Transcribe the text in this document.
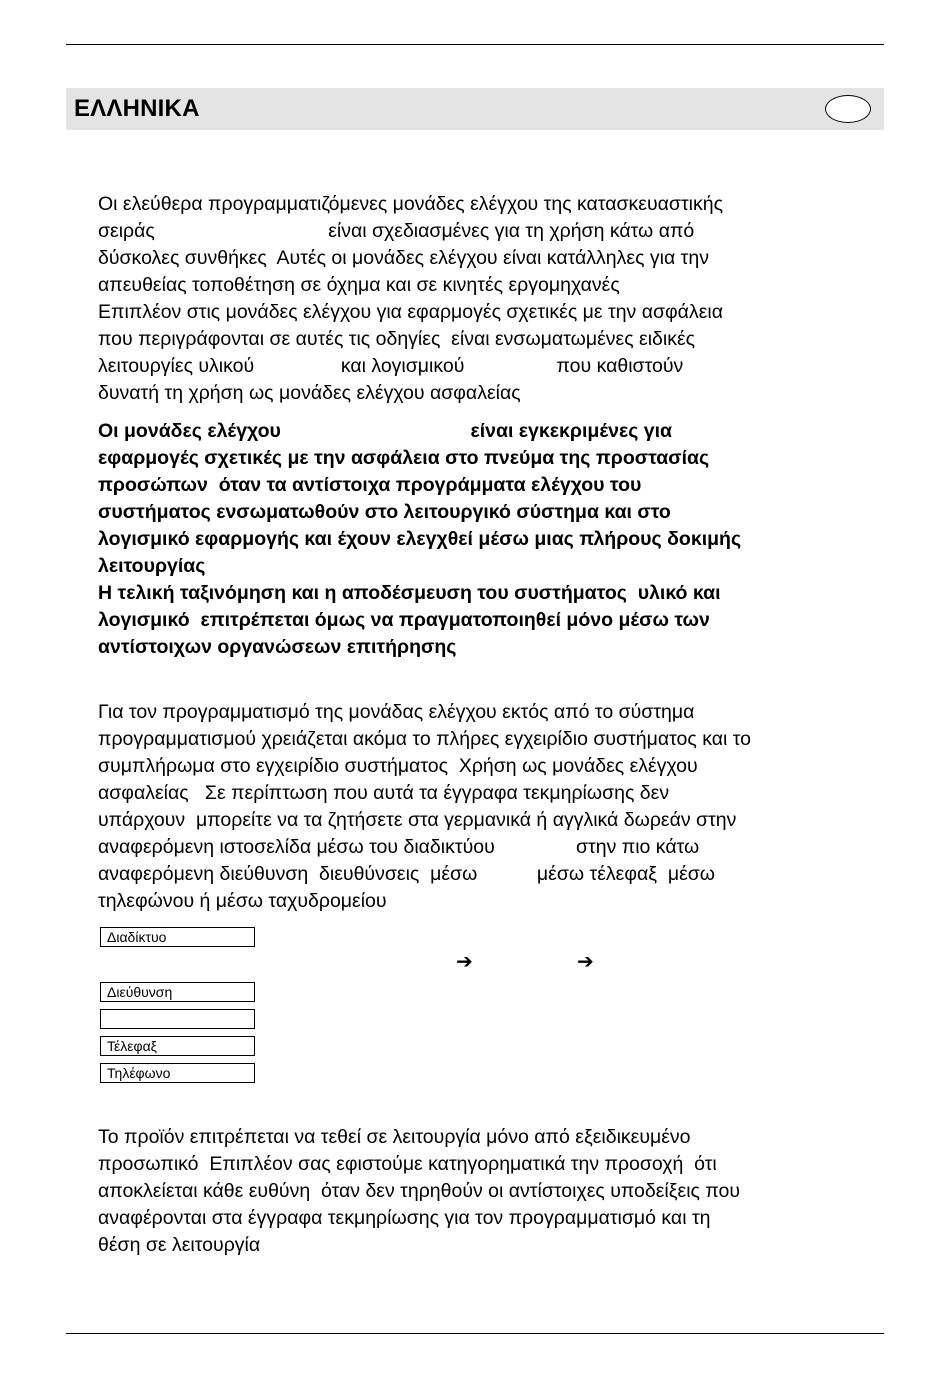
ΕΛΛΗΝΙΚΑ
Οι ελεύθερα προγραμματιζόμενες μονάδες ελέγχου της κατασκευαστικής
σειράς                                είναι σχεδιασμένες για τη χρήση κάτω από
δύσκολες συνθήκες  Αυτές οι μονάδες ελέγχου είναι κατάλληλες για την
απευθείας τοποθέτηση σε όχημα και σε κινητές εργομηχανές
Επιπλέον στις μονάδες ελέγχου για εφαρμογές σχετικές με την ασφάλεια
που περιγράφονται σε αυτές τις οδηγίες  είναι ενσωματωμένες ειδικές
λειτουργίες υλικού                και λογισμικού                 που καθιστούν
δυνατή τη χρήση ως μονάδες ελέγχου ασφαλείας
Οι μονάδες ελέγχου                                   είναι εγκεκριμένες για
εφαρμογές σχετικές με την ασφάλεια στο πνεύμα της προστασίας
προσώπων  όταν τα αντίστοιχα προγράμματα ελέγχου του
συστήματος ενσωματωθούν στο λειτουργικό σύστημα και στο
λογισμικό εφαρμογής και έχουν ελεγχθεί μέσω μιας πλήρους δοκιμής
λειτουργίας
Η τελική ταξινόμηση και η αποδέσμευση του συστήματος  υλικό και
λογισμικό  επιτρέπεται όμως να πραγματοποιηθεί μόνο μέσω των
αντίστοιχων οργανώσεων επιτήρησης
Για τον προγραμματισμό της μονάδας ελέγχου εκτός από το σύστημα
προγραμματισμού χρειάζεται ακόμα το πλήρες εγχειρίδιο συστήματος και το
συμπλήρωμα στο εγχειρίδιο συστήματος  Χρήση ως μονάδες ελέγχου
ασφαλείας   Σε περίπτωση που αυτά τα έγγραφα τεκμηρίωσης δεν
υπάρχουν  μπορείτε να τα ζητήσετε στα γερμανικά ή αγγλικά δωρεάν στην
αναφερόμενη ιστοσελίδα μέσω του διαδικτύου               στην πιο κάτω
αναφερόμενη διεύθυνση  διευθύνσεις  μέσω           μέσω τέλεφαξ  μέσω
τηλεφώνου ή μέσω ταχυδρομείου
Διαδίκτυο
➔	➔
Διεύθυνση
Τέλεφαξ
Τηλέφωνο
Το προϊόν επιτρέπεται να τεθεί σε λειτουργία μόνο από εξειδικευμένο
προσωπικό  Επιπλέον σας εφιστούμε κατηγορηματικά την προσοχή  ότι
αποκλείεται κάθε ευθύνη  όταν δεν τηρηθούν οι αντίστοιχες υποδείξεις που
αναφέρονται στα έγγραφα τεκμηρίωσης για τον προγραμματισμό και τη
θέση σε λειτουργία
